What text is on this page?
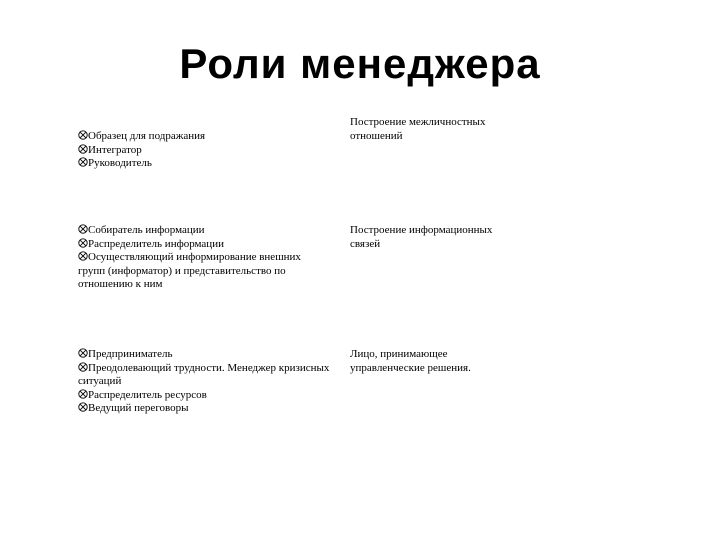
Роли менеджера
Образец для подражания
Интегратор
Руководитель
Построение межличностных отношений
Собиратель информации
Распределитель информации
Осуществляющий информирование внешних групп (информатор) и представительство по отношению к ним
Построение информационных связей
Предприниматель
Преодолевающий трудности. Менеджер кризисных ситуаций
Распределитель ресурсов
Ведущий переговоры
Лицо, принимающее управленческие решения.
